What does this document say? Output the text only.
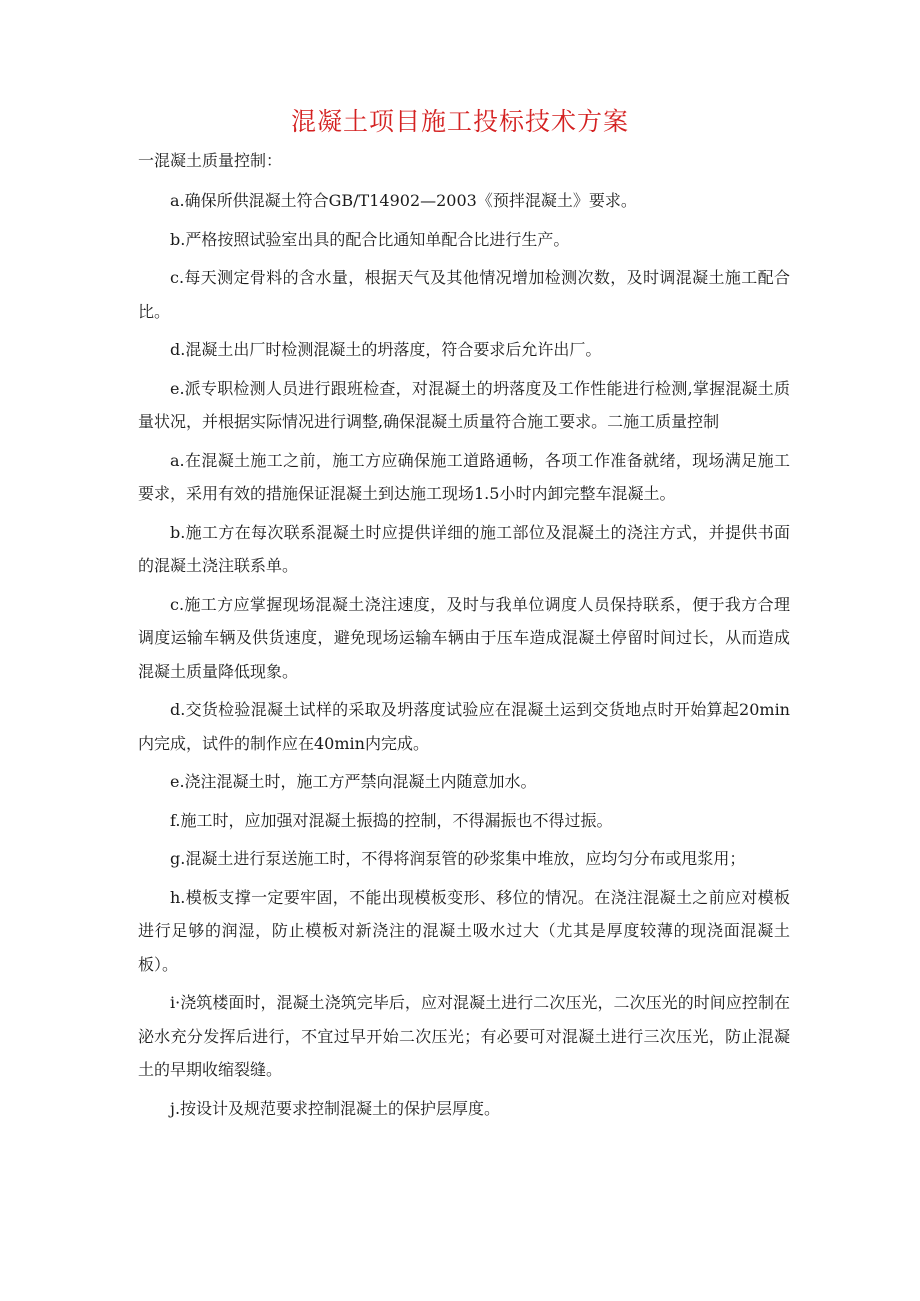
混凝土项目施工投标技术方案

一混凝土质量控制：

a.确保所供混凝土符合GB/T14902—2003《预拌混凝土》要求。

b.严格按照试验室出具的配合比通知单配合比进行生产。

c.每天测定骨料的含水量，根据天气及其他情况增加检测次数，及时调混凝土施工配合比。

d.混凝土出厂时检测混凝土的坍落度，符合要求后允许出厂。

e.派专职检测人员进行跟班检查，对混凝土的坍落度及工作性能进行检测,掌握混凝土质量状况，并根据实际情况进行调整,确保混凝土质量符合施工要求。二施工质量控制

a.在混凝土施工之前，施工方应确保施工道路通畅，各项工作准备就绪，现场满足施工要求，采用有效的措施保证混凝土到达施工现场1.5小时内卸完整车混凝土。

b.施工方在每次联系混凝土时应提供详细的施工部位及混凝土的浇注方式，并提供书面的混凝土浇注联系单。

c.施工方应掌握现场混凝土浇注速度，及时与我单位调度人员保持联系，便于我方合理调度运输车辆及供货速度，避免现场运输车辆由于压车造成混凝土停留时间过长，从而造成混凝土质量降低现象。

d.交货检验混凝土试样的采取及坍落度试验应在混凝土运到交货地点时开始算起20min内完成，试件的制作应在40min内完成。

e.浇注混凝土时，施工方严禁向混凝土内随意加水。

f.施工时，应加强对混凝土振捣的控制，不得漏振也不得过振。

g.混凝土进行泵送施工时，不得将润泵管的砂浆集中堆放，应均匀分布或甩浆用；

h.模板支撑一定要牢固，不能出现模板变形、移位的情况。在浇注混凝土之前应对模板进行足够的润湿，防止模板对新浇注的混凝土吸水过大（尤其是厚度较薄的现浇面混凝土板）。

i·浇筑楼面时，混凝土浇筑完毕后，应对混凝土进行二次压光，二次压光的时间应控制在泌水充分发挥后进行，不宜过早开始二次压光；有必要可对混凝土进行三次压光，防止混凝土的早期收缩裂缝。

j.按设计及规范要求控制混凝土的保护层厚度。
